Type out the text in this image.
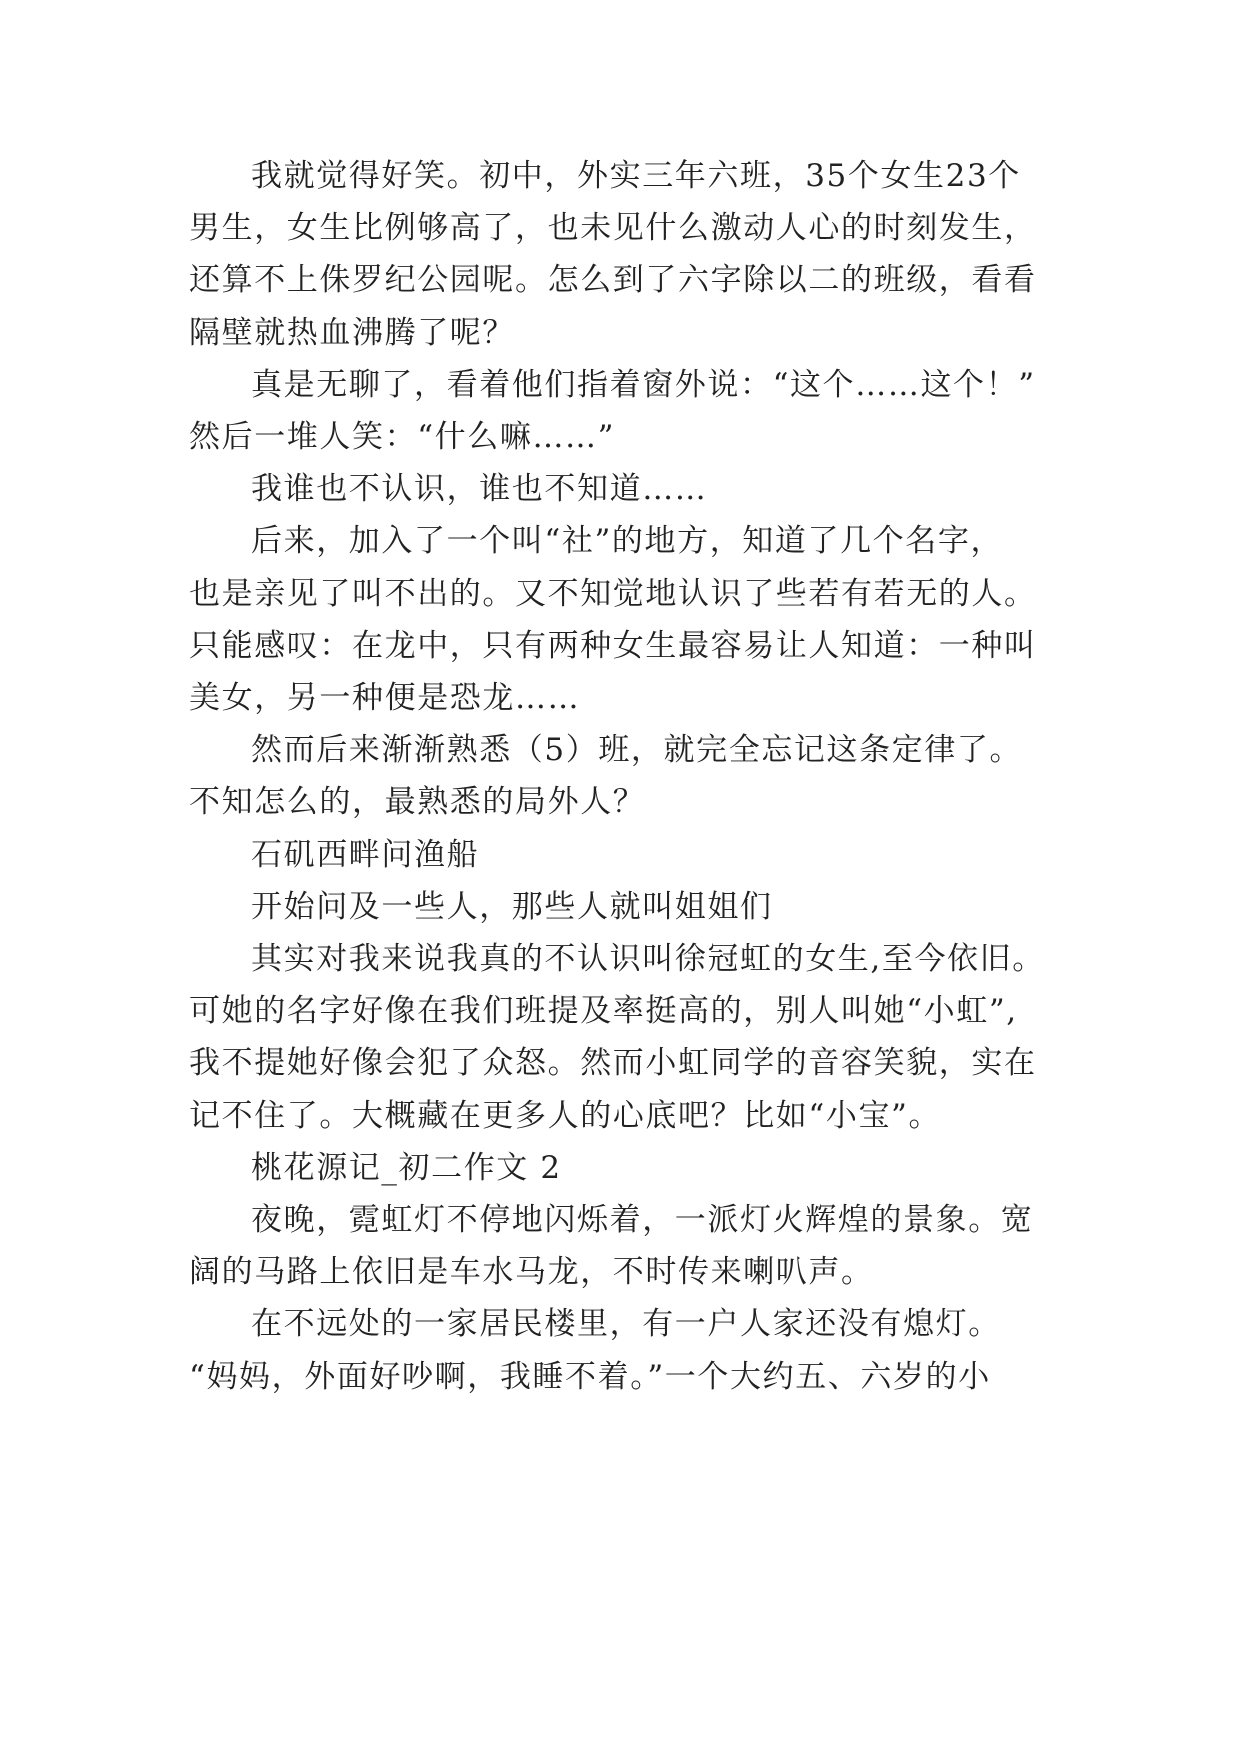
我就觉得好笑。初中，外实三年六班，35个女生23个
男生，女生比例够高了，也未见什么激动人心的时刻发生，
还算不上侏罗纪公园呢。怎么到了六字除以二的班级，看看
隔壁就热血沸腾了呢？

真是无聊了，看着他们指着窗外说：“这个……这个！”
然后一堆人笑：“什么嘛……”

我谁也不认识，谁也不知道……

后来，加入了一个叫“社”的地方，知道了几个名字，
也是亲见了叫不出的。又不知觉地认识了些若有若无的人。
只能感叹：在龙中，只有两种女生最容易让人知道：一种叫
美女，另一种便是恐龙……

然而后来渐渐熟悉（5）班，就完全忘记这条定律了。
不知怎么的，最熟悉的局外人？

石矶西畔问渔船

开始问及一些人，那些人就叫姐姐们

其实对我来说我真的不认识叫徐冠虹的女生,至今依旧。
可她的名字好像在我们班提及率挺高的，别人叫她“小虹”,
我不提她好像会犯了众怒。然而小虹同学的音容笑貌，实在
记不住了。大概藏在更多人的心底吧？比如“小宝”。

桃花源记_初二作文 2

夜晚，霓虹灯不停地闪烁着，一派灯火辉煌的景象。宽
阔的马路上依旧是车水马龙，不时传来喇叭声。

在不远处的一家居民楼里，有一户人家还没有熄灯。
“妈妈，外面好吵啊，我睡不着。”一个大约五、六岁的小
